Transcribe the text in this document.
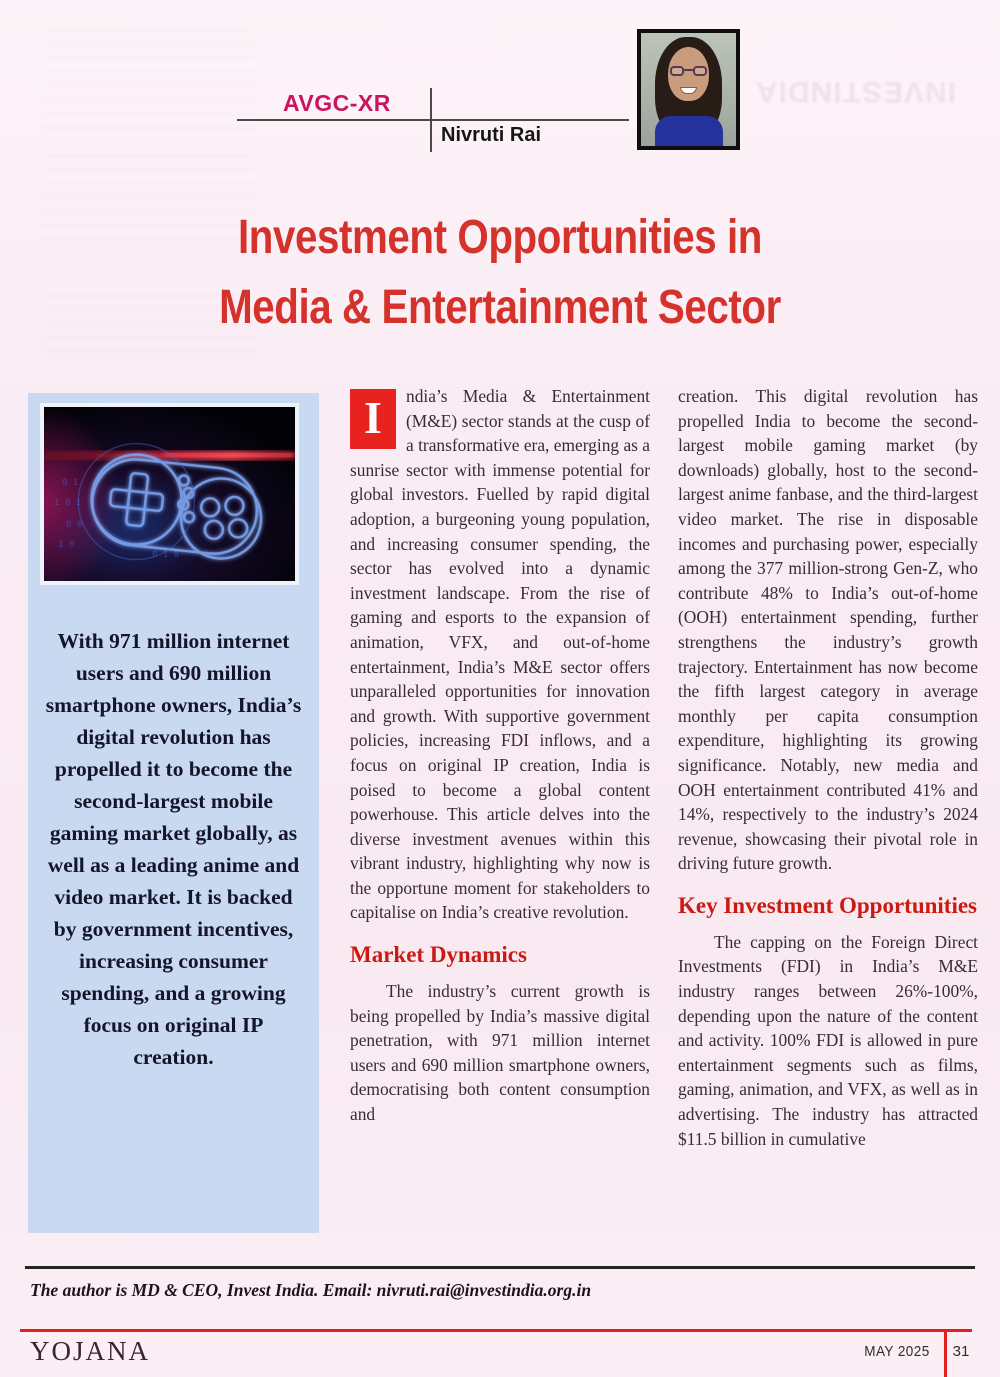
INVESTINDIA
AVGC-XR
Nivruti Rai
Investment Opportunities in
Media & Entertainment Sector
0 1
1 0 1
0 0
1 0
0 1 0
With 971 million internet users and 690 million smartphone owners, India’s digital revolution has propelled it to become the second-largest mobile gaming market globally, as well as a leading anime and video market. It is backed by government incentives, increasing consumer spending, and a growing focus on original IP creation.

I	ndia’s Media & Entertainment (M&E) sector stands at the cusp of a transformative era, emerging as a sunrise sector with immense potential for global investors. Fuelled by rapid digital adoption, a burgeoning young population, and increasing consumer spending, the sector has evolved into a dynamic investment landscape. From the rise of gaming and esports to the expansion of animation, VFX, and out-of-home entertainment, India’s M&E sector offers unparalleled opportunities for innovation and growth. With supportive government policies, increasing FDI inflows, and a focus on original IP creation, India is poised to become a global content powerhouse. This article delves into the diverse investment avenues within this vibrant industry, highlighting why now is the opportune moment for stakeholders to capitalise on India’s creative revolution.

Market Dynamics

The industry’s current growth is being propelled by India’s massive digital penetration, with 971 million internet users and 690 million smartphone owners, democratising both content consumption and

creation. This digital revolution has propelled India to become the second-largest mobile gaming market (by downloads) globally, host to the second-largest anime fanbase, and the third-largest video market. The rise in disposable incomes and purchasing power, especially among the 377 million-strong Gen-Z, who contribute 48% to India’s out-of-home (OOH) entertainment spending, further strengthens the industry’s growth trajectory. Entertainment has now become the fifth largest category in average monthly per capita consumption expenditure, highlighting its growing significance. Notably, new media and OOH entertainment contributed 41% and 14%, respectively to the industry’s 2024 revenue, showcasing their pivotal role in driving future growth.

Key Investment Opportunities

The capping on the Foreign Direct Investments (FDI) in India’s M&E industry ranges between 26%-100%, depending upon the nature of the content and activity. 100% FDI is allowed in pure entertainment segments such as films, gaming, animation, and VFX, as well as in advertising. The industry has attracted $11.5 billion in cumulative

The author is MD & CEO, Invest India. Email: nivruti.rai@investindia.org.in
YOJANA	MAY 2025	31
